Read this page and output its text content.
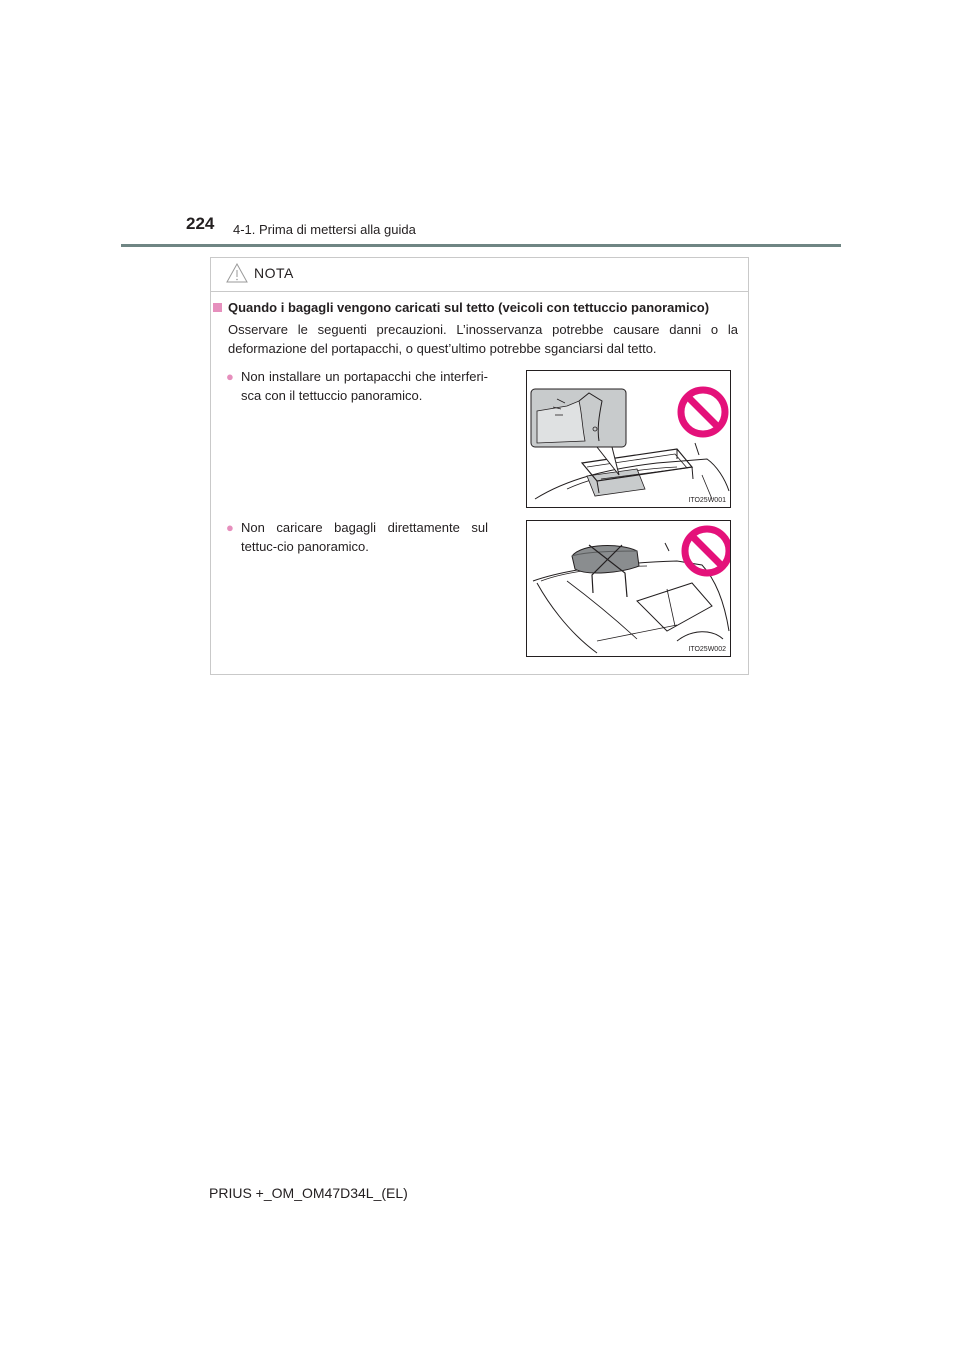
224 4-1. Prima di mettersi alla guida
NOTA
Quando i bagagli vengono caricati sul tetto (veicoli con tettuccio panoramico)
Osservare le seguenti precauzioni. L’inosservanza potrebbe causare danni o la deformazione del portapacchi, o quest’ultimo potrebbe sganciarsi dal tetto.
● Non installare un portapacchi che interferi-sca con il tettuccio panoramico.
ITO25W001
● Non caricare bagagli direttamente sul tettuc-cio panoramico.
ITO25W002
PRIUS +_OM_OM47D34L_(EL)
